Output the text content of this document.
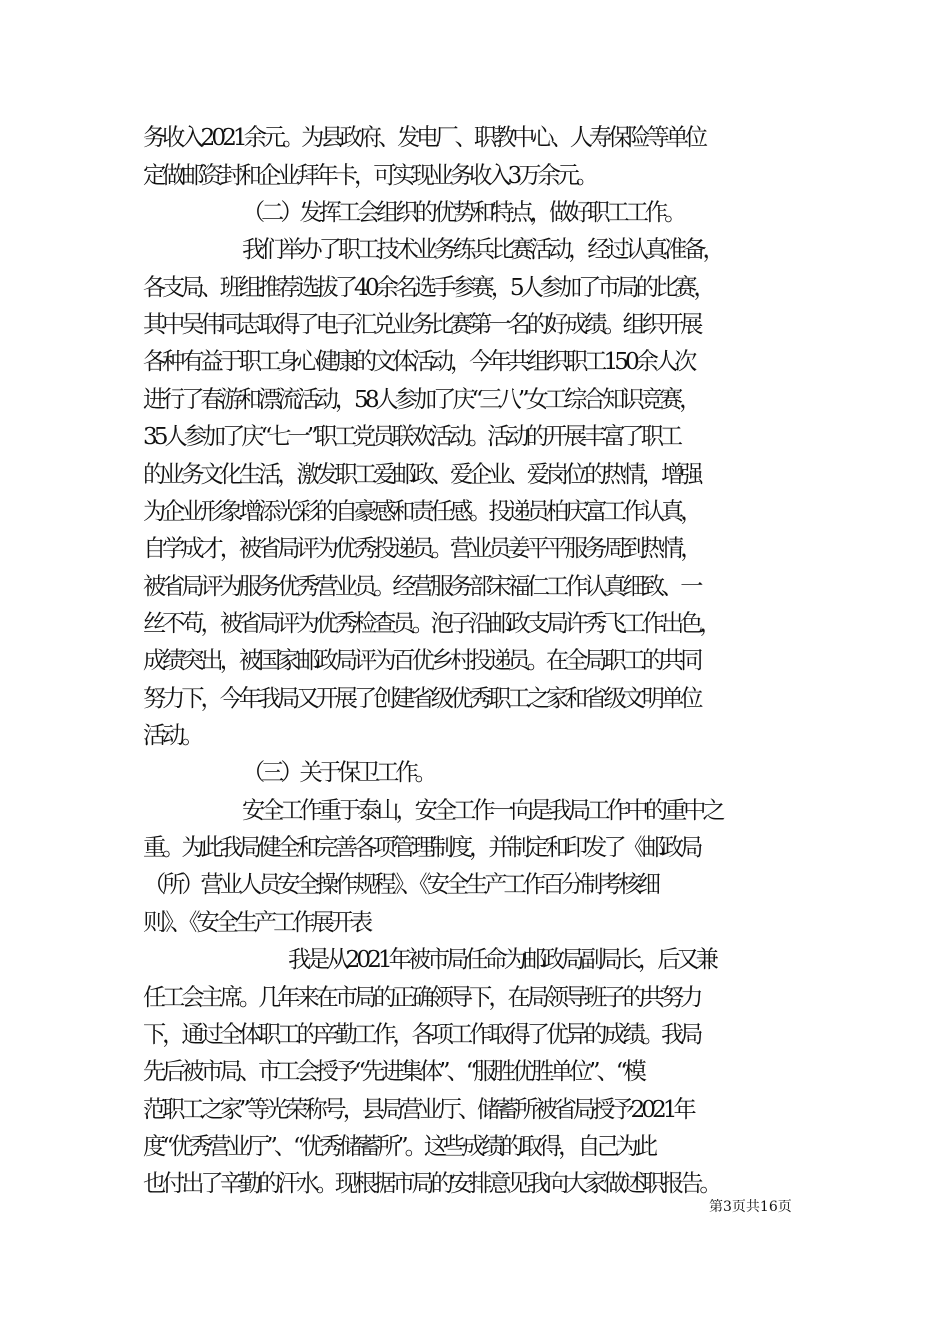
务收入2021余元。为县政府、发电厂、职教中心、人寿保险等单位
定做邮资封和企业拜年卡，可实现业务收入3万余元。
（二）发挥工会组织的优势和特点，做好职工工作。
我们举办了职工技术业务练兵比赛活动，经过认真准备，
各支局、班组推荐选拔了40余名选手参赛，5人参加了市局的比赛，
其中吴伟同志取得了电子汇兑业务比赛第一名的好成绩。组织开展
各种有益于职工身心健康的文体活动，今年共组织职工150余人次
进行了春游和漂流活动，58人参加了庆“三八”女工综合知识竞赛，
35人参加了庆“七一”职工党员联欢活动。活动的开展丰富了职工
的业务文化生活，激发职工爱邮政、爱企业、爱岗位的热情，增强
为企业形象增添光彩的自豪感和责任感。投递员柏庆富工作认真，
自学成才，被省局评为优秀投递员。营业员姜平平服务周到热情，
被省局评为服务优秀营业员。经营服务部宋福仁工作认真细致、一
丝不苟，被省局评为优秀检查员。泡子沿邮政支局许秀飞工作出色，
成绩突出，被国家邮政局评为百优乡村投递员。在全局职工的共同
努力下，今年我局又开展了创建省级优秀职工之家和省级文明单位
活动。
（三）关于保卫工作。
安全工作重于泰山，安全工作一向是我局工作中的重中之
重。为此我局健全和完善各项管理制度，并制定和印发了《邮政局
（所）营业人员安全操作规程》、《安全生产工作百分制考核细
则》、《安全生产工作展开表
我是从2021年被市局任命为邮政局副局长，后又兼
任工会主席。几年来在市局的正确领导下，在局领导班子的共努力
下，通过全体职工的辛勤工作，各项工作取得了优异的成绩。我局
先后被市局、市工会授予“先进集体”、“服胜优胜单位”、“模
范职工之家”等光荣称号，县局营业厅、储蓄所被省局授予2021年
度“优秀营业厅”、“优秀储蓄所”。这些成绩的取得，自己为此
也付出了辛勤的汗水。现根据市局的安排意见我向大家做述职报告。
第3页共16页
